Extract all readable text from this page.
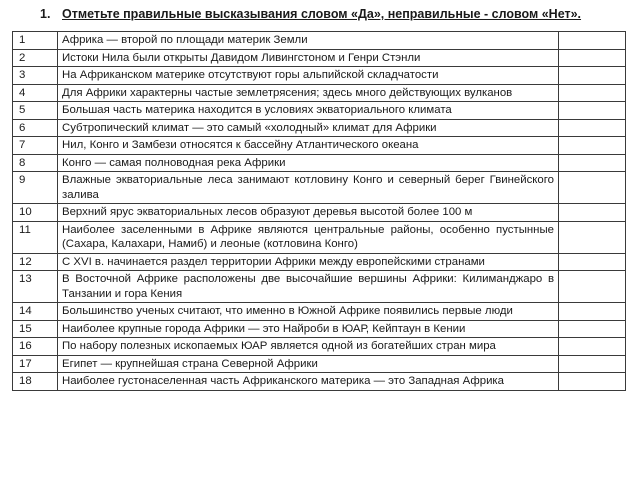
1. Отметьте правильные высказывания словом «Да», неправильные - словом «Нет».
1	Африка — второй по площади материк Земли	
2	Истоки Нила были открыты Давидом Ливингстоном и Генри Стэнли	
3	На Африканском материке отсутствуют горы альпийской складчатости	
4	Для Африки характерны частые землетрясения; здесь много действующих вулканов	
5	Большая часть материка находится в условиях экваториального климата	
6	Субтропический климат — это самый «холодный» климат для Африки	
7	Нил, Конго и Замбези относятся к бассейну Атлантического океана	
8	Конго — самая полноводная река Африки	
9	Влажные экваториальные леса занимают котловину Конго и северный берег Гвинейского залива	
10	Верхний ярус экваториальных лесов образуют деревья высотой более 100 м	
11	Наиболее заселенными в Африке являются центральные районы, особенно пустынные (Сахара, Калахари, Намиб) и леоные (котловина Конго)	
12	С XVI в. начинается раздел территории Африки между европейскими странами	
13	В Восточной Африке расположены две высочайшие вершины Африки: Килиманджаро в Танзании и гора Кения	
14	Большинство ученых считают, что именно в Южной Африке появились первые люди	
15	Наиболее крупные города Африки — это Найроби в ЮАР, Кейптаун в Кении	
16	По набору полезных ископаемых ЮАР является одной из богатейших стран мира	
17	Египет — крупнейшая страна Северной Африки	
18	Наиболее густонаселенная часть Африканского материка — это Западная Африка	
